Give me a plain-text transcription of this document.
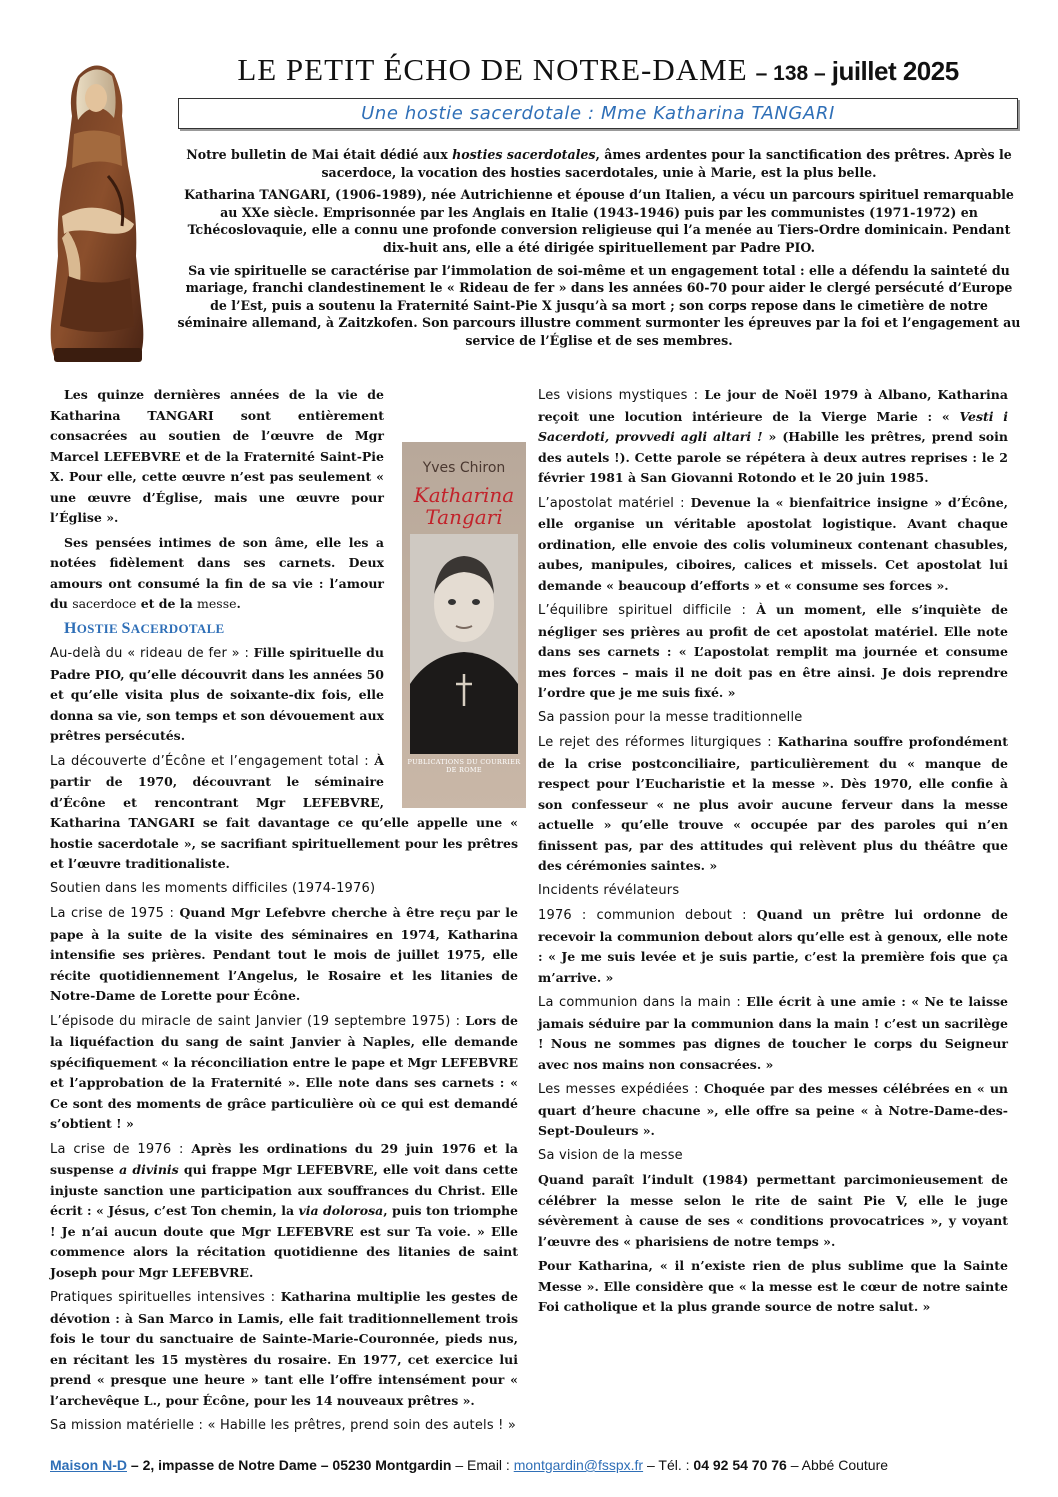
LE PETIT ÉCHO DE NOTRE-DAME – 138 – juillet 2025
Une hostie sacerdotale : Mme Katharina TANGARI

Notre bulletin de Mai était dédié aux hosties sacerdotales, âmes ardentes pour la sanctification des prêtres. Après le sacerdoce, la vocation des hosties sacerdotales, unie à Marie, est la plus belle.

Katharina TANGARI, (1906-1989), née Autrichienne et épouse d’un Italien, a vécu un parcours spirituel remarquable au XXe siècle. Emprisonnée par les Anglais en Italie (1943-1946) puis par les communistes (1971-1972) en Tchécoslovaquie, elle a connu une profonde conversion religieuse qui l’a menée au Tiers-Ordre dominicain. Pendant dix-huit ans, elle a été dirigée spirituellement par Padre PIO.

Sa vie spirituelle se caractérise par l’immolation de soi-même et un engagement total : elle a défendu la sainteté du mariage, franchi clandestinement le « Rideau de fer » dans les années 60-70 pour aider le clergé persécuté d’Europe de l’Est, puis a soutenu la Fraternité Saint-Pie X jusqu’à sa mort ; son corps repose dans le cimetière de notre séminaire allemand, à Zaitzkofen. Son parcours illustre comment surmonter les épreuves par la foi et l’engagement au service de l’Église et de ses membres.

Yves Chiron
Katharina Tangari
PUBLICATIONS DU COURRIER DE ROME

Les quinze dernières années de la vie de Katharina TANGARI sont entièrement consacrées au soutien de l’œuvre de Mgr Marcel LEFEBVRE et de la Fraternité Saint-Pie X. Pour elle, cette œuvre n’est pas seulement « une œuvre d’Église, mais une œuvre pour l’Église ».

Ses pensées intimes de son âme, elle les a notées fidèlement dans ses carnets. Deux amours ont consumé la fin de sa vie : l’amour du sacerdoce et de la messe.

HOSTIE SACERDOTALE

Au-delà du « rideau de fer » : Fille spirituelle du Padre PIO, qu’elle découvrit dans les années 50 et qu’elle visita plus de soixante-dix fois, elle donna sa vie, son temps et son dévouement aux prêtres persécutés.

La découverte d’Écône et l’engagement total : À partir de 1970, découvrant le séminaire d’Écône et rencontrant Mgr LEFEBVRE, Katharina TANGARI se fait davantage ce qu’elle appelle une « hostie sacerdotale », se sacrifiant spirituellement pour les prêtres et l’œuvre traditionaliste.

Soutien dans les moments difficiles (1974-1976)

La crise de 1975 : Quand Mgr Lefebvre cherche à être reçu par le pape à la suite de la visite des séminaires en 1974, Katharina intensifie ses prières. Pendant tout le mois de juillet 1975, elle récite quotidiennement l’Angelus, le Rosaire et les litanies de Notre-Dame de Lorette pour Écône.

L’épisode du miracle de saint Janvier (19 septembre 1975) : Lors de la liquéfaction du sang de saint Janvier à Naples, elle demande spécifiquement « la réconciliation entre le pape et Mgr LEFEBVRE et l’approbation de la Fraternité ». Elle note dans ses carnets : « Ce sont des moments de grâce particulière où ce qui est demandé s’obtient ! »

La crise de 1976 : Après les ordinations du 29 juin 1976 et la suspense a divinis qui frappe Mgr LEFEBVRE, elle voit dans cette injuste sanction une participation aux souffrances du Christ. Elle écrit : « Jésus, c’est Ton chemin, la via dolorosa, puis ton triomphe ! Je n’ai aucun doute que Mgr LEFEBVRE est sur Ta voie. » Elle commence alors la récitation quotidienne des litanies de saint Joseph pour Mgr LEFEBVRE.

Pratiques spirituelles intensives : Katharina multiplie les gestes de dévotion : à San Marco in Lamis, elle fait traditionnellement trois fois le tour du sanctuaire de Sainte-Marie-Couronnée, pieds nus, en récitant les 15 mystères du rosaire. En 1977, cet exercice lui prend « presque une heure » tant elle l’offre intensément pour « l’archevêque L., pour Écône, pour les 14 nouveaux prêtres ».

Sa mission matérielle : « Habille les prêtres, prend soin des autels ! »

Les visions mystiques : Le jour de Noël 1979 à Albano, Katharina reçoit une locution intérieure de la Vierge Marie : « Vesti i Sacerdoti, provvedi agli altari ! » (Habille les prêtres, prend soin des autels !). Cette parole se répétera à deux autres reprises : le 2 février 1981 à San Giovanni Rotondo et le 20 juin 1985.

L’apostolat matériel : Devenue la « bienfaitrice insigne » d’Écône, elle organise un véritable apostolat logistique. Avant chaque ordination, elle envoie des colis volumineux contenant chasubles, aubes, manipules, ciboires, calices et missels. Cet apostolat lui demande « beaucoup d’efforts » et « consume ses forces ».

L’équilibre spirituel difficile : À un moment, elle s’inquiète de négliger ses prières au profit de cet apostolat matériel. Elle note dans ses carnets : « L’apostolat remplit ma journée et consume mes forces – mais il ne doit pas en être ainsi. Je dois reprendre l’ordre que je me suis fixé. »

Sa passion pour la messe traditionnelle

Le rejet des réformes liturgiques : Katharina souffre profondément de la crise postconciliaire, particulièrement du « manque de respect pour l’Eucharistie et la messe ». Dès 1970, elle confie à son confesseur « ne plus avoir aucune ferveur dans la messe actuelle » qu’elle trouve « occupée par des paroles qui n’en finissent pas, par des attitudes qui relèvent plus du théâtre que des cérémonies saintes. »

Incidents révélateurs

1976 : communion debout : Quand un prêtre lui ordonne de recevoir la communion debout alors qu’elle est à genoux, elle note : « Je me suis levée et je suis partie, c’est la première fois que ça m’arrive. »

La communion dans la main : Elle écrit à une amie : « Ne te laisse jamais séduire par la communion dans la main ! c’est un sacrilège ! Nous ne sommes pas dignes de toucher le corps du Seigneur avec nos mains non consacrées. »

Les messes expédiées : Choquée par des messes célébrées en « un quart d’heure chacune », elle offre sa peine « à Notre-Dame-des-Sept-Douleurs ».

Sa vision de la messe

Quand paraît l’indult (1984) permettant parcimonieusement de célébrer la messe selon le rite de saint Pie V, elle le juge sévèrement à cause de ses « conditions provocatrices », y voyant l’œuvre des « pharisiens de notre temps ».

Pour Katharina, « il n’existe rien de plus sublime que la Sainte Messe ». Elle considère que « la messe est le cœur de notre sainte Foi catholique et la plus grande source de notre salut. »

Maison N-D – 2, impasse de Notre Dame – 05230 Montgardin – Email : montgardin@fsspx.fr – Tél. : 04 92 54 70 76 – Abbé Couture
